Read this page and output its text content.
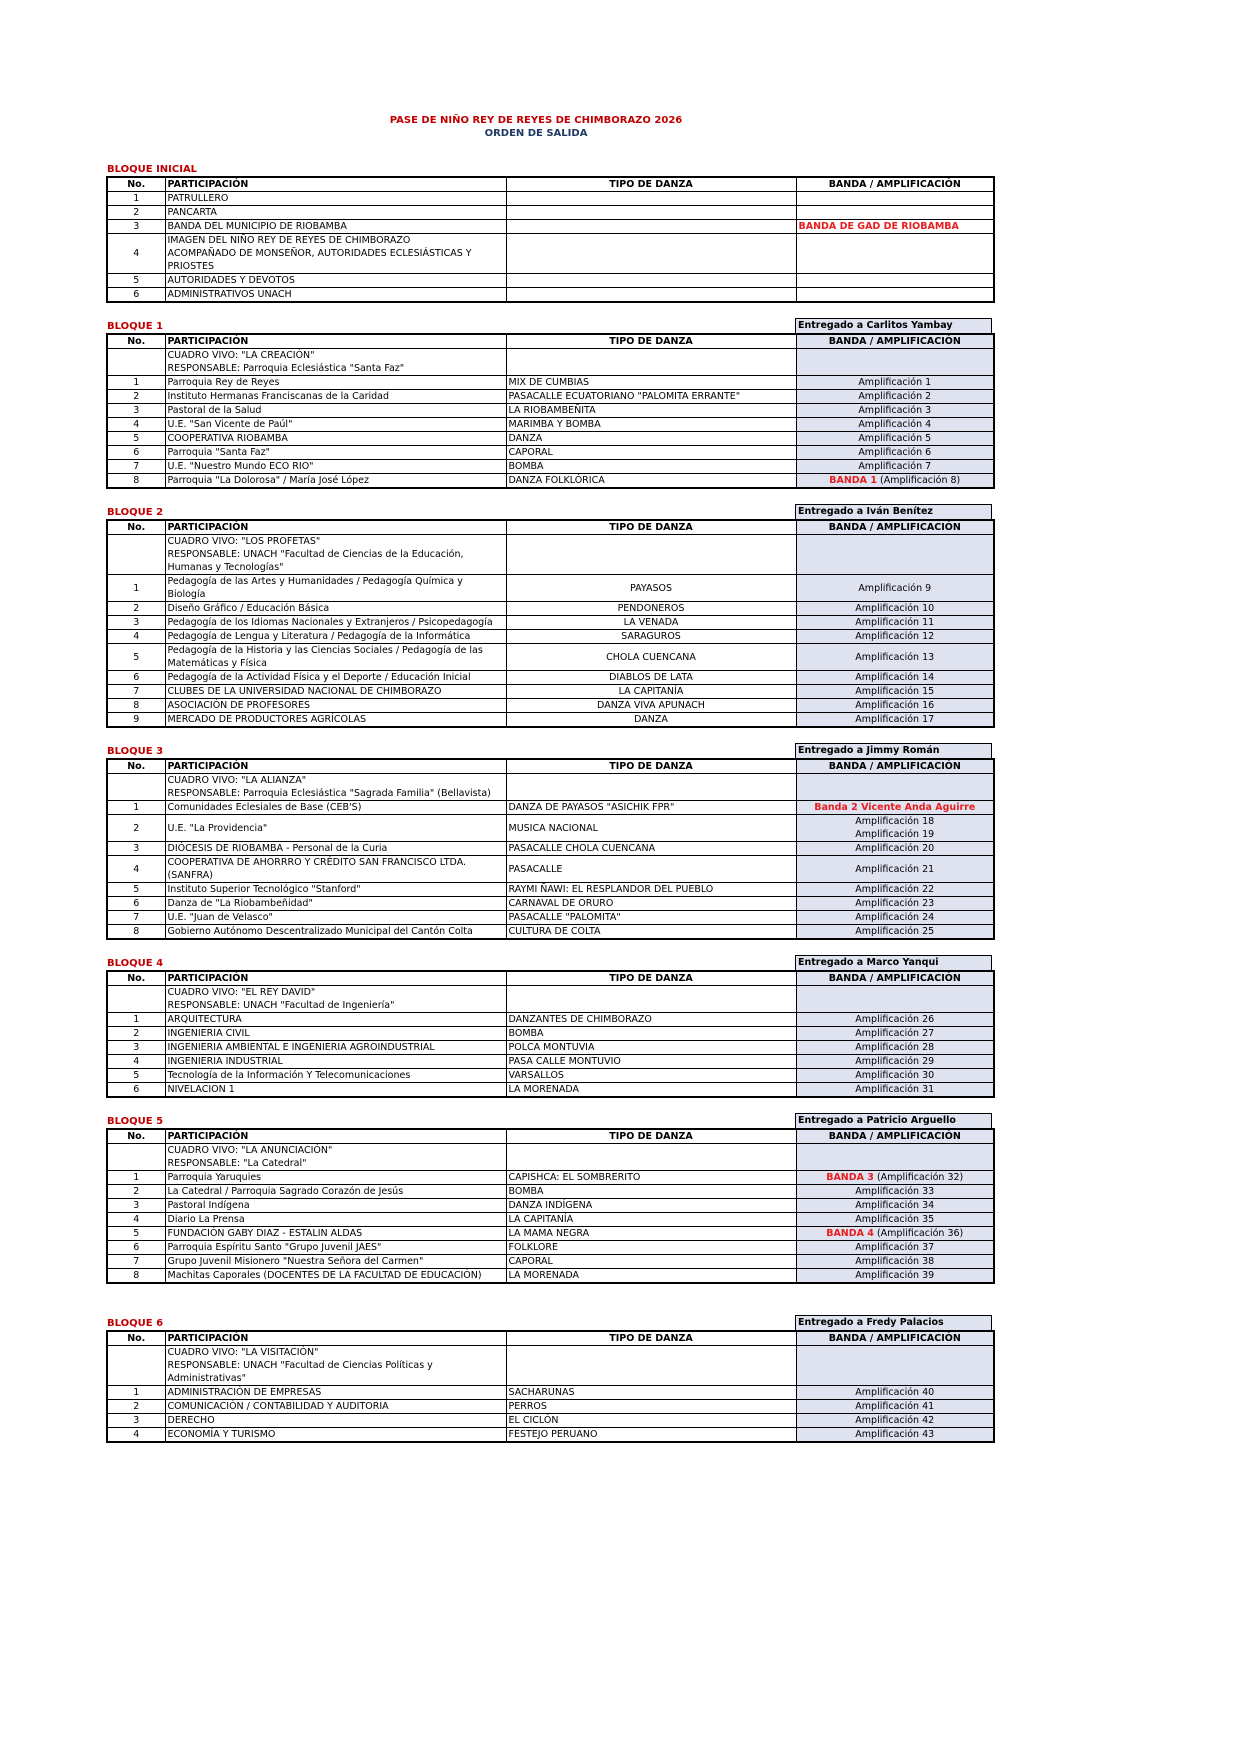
PASE DE NIÑO REY DE REYES DE CHIMBORAZO 2026
ORDEN DE SALIDA
BLOQUE INICIAL
No.	PARTICIPACIÓN	TIPO DE DANZA	BANDA / AMPLIFICACIÓN
1	PATRULLERO		
2	PANCARTA		
3	BANDA DEL MUNICIPIO DE RIOBAMBA		BANDA DE GAD DE RIOBAMBA
4	IMAGEN DEL NIÑO REY DE REYES DE CHIMBORAZO
ACOMPAÑADO DE MONSEÑOR, AUTORIDADES ECLESIÁSTICAS Y PRIOSTES		
5	AUTORIDADES Y DEVOTOS		
6	ADMINISTRATIVOS UNACH		
BLOQUE 1	Entregado a Carlitos Yambay
No.	PARTICIPACIÓN	TIPO DE DANZA	BANDA / AMPLIFICACIÓN
	CUADRO VIVO: "LA CREACIÓN"
RESPONSABLE: Parroquia Eclesiástica "Santa Faz"		
1	Parroquia Rey de Reyes	MIX DE CUMBIAS	Amplificación 1
2	Instituto Hermanas Franciscanas de la Caridad	PASACALLE ECUATORIANO "PALOMITA ERRANTE"	Amplificación 2
3	Pastoral de la Salud	LA RIOBAMBEÑITA	Amplificación 3
4	U.E. "San Vicente de Paúl"	MARIMBA Y BOMBA	Amplificación 4
5	COOPERATIVA RIOBAMBA	DANZA	Amplificación 5
6	Parroquia "Santa Faz"	CAPORAL	Amplificación 6
7	U.E. "Nuestro Mundo ECO RIO"	BOMBA	Amplificación 7
8	Parroquia "La Dolorosa" / María José López	DANZA FOLKLÓRICA	BANDA 1 (Amplificación 8)
BLOQUE 2	Entregado a Iván Benítez
No.	PARTICIPACIÓN	TIPO DE DANZA	BANDA / AMPLIFICACIÓN
	CUADRO VIVO: "LOS PROFETAS"
RESPONSABLE: UNACH "Facultad de Ciencias de la Educación, Humanas y Tecnologías"		
1	Pedagogía de las Artes y Humanidades / Pedagogía Química y Biología	PAYASOS	Amplificación 9
2	Diseño Gráfico / Educación Básica	PENDONEROS	Amplificación 10
3	Pedagogía de los Idiomas Nacionales y Extranjeros / Psicopedagogía	LA VENADA	Amplificación 11
4	Pedagogía de Lengua y Literatura / Pedagogía de la Informática	SARAGUROS	Amplificación 12
5	Pedagogía de la Historia y las Ciencias Sociales / Pedagogía de las Matemáticas y Física	CHOLA CUENCANA	Amplificación 13
6	Pedagogía de la Actividad Física y el Deporte / Educación Inicial	DIABLOS DE LATA	Amplificación 14
7	CLUBES DE LA UNIVERSIDAD NACIONAL DE CHIMBORAZO	LA CAPITANÍA	Amplificación 15
8	ASOCIACIÓN DE PROFESORES	DANZA VIVA APUNACH	Amplificación 16
9	MERCADO DE PRODUCTORES AGRÍCOLAS	DANZA	Amplificación 17
BLOQUE 3	Entregado a Jimmy Román
No.	PARTICIPACIÓN	TIPO DE DANZA	BANDA / AMPLIFICACIÓN
	CUADRO VIVO: "LA ALIANZA"
RESPONSABLE: Parroquia Eclesiástica "Sagrada Familia" (Bellavista)		
1	Comunidades Eclesiales de Base (CEB'S)	DANZA DE PAYASOS "ASICHIK FPR"	Banda 2 Vicente Anda Aguirre
2	U.E. "La Providencia"	MUSICA NACIONAL	Amplificación 18
Amplificación 19
3	DIÓCESIS DE RIOBAMBA - Personal de la Curia	PASACALLE CHOLA CUENCANA	Amplificación 20
4	COOPERATIVA DE AHORRRO Y CRÉDITO SAN FRANCISCO LTDA. (SANFRA)	PASACALLE	Amplificación 21
5	Instituto Superior Tecnológico "Stanford"	RAYMI ÑAWI: EL RESPLANDOR DEL PUEBLO	Amplificación 22
6	Danza de "La Riobambeñidad"	CARNAVAL DE ORURO	Amplificación 23
7	U.E. "Juan de Velasco"	PASACALLE "PALOMITA"	Amplificación 24
8	Gobierno Autónomo Descentralizado Municipal del Cantón Colta	CULTURA DE COLTA	Amplificación 25
BLOQUE 4	Entregado a Marco Yanqui
No.	PARTICIPACIÓN	TIPO DE DANZA	BANDA / AMPLIFICACIÓN
	CUADRO VIVO: "EL REY DAVID"
RESPONSABLE: UNACH "Facultad de Ingeniería"		
1	ARQUITECTURA	DANZANTES DE CHIMBORAZO	Amplificación 26
2	INGENIERIA CIVIL	BOMBA	Amplificación 27
3	INGENIERIA AMBIENTAL E INGENIERIA AGROINDUSTRIAL	POLCA MONTUVIA	Amplificación 28
4	INGENIERIA INDUSTRIAL	PASA CALLE MONTUVIO	Amplificación 29
5	Tecnología de la Información Y Telecomunicaciones	VARSALLOS	Amplificación 30
6	NIVELACION 1	LA MORENADA	Amplificación 31
BLOQUE 5	Entregado a Patricio Arguello
No.	PARTICIPACIÓN	TIPO DE DANZA	BANDA / AMPLIFICACIÓN
	CUADRO VIVO: "LA ANUNCIACIÓN"
RESPONSABLE: "La Catedral"		
1	Parroquia Yaruquies	CAPISHCA: EL SOMBRERITO	BANDA 3 (Amplificación 32)
2	La Catedral / Parroquia Sagrado Corazón de Jesús	BOMBA	Amplificación 33
3	Pastoral Indígena	DANZA INDÍGENA	Amplificación 34
4	Diario La Prensa	LA CAPITANÍA	Amplificación 35
5	FUNDACIÓN GABY DIAZ - ESTALIN ALDAS	LA MAMA NEGRA	BANDA 4 (Amplificación 36)
6	Parroquia Espíritu Santo "Grupo Juvenil JAES"	FOLKLORE	Amplificación 37
7	Grupo Juvenil Misionero "Nuestra Señora del Carmen"	CAPORAL	Amplificación 38
8	Machitas Caporales (DOCENTES DE LA FACULTAD DE EDUCACIÓN)	LA MORENADA	Amplificación 39
BLOQUE 6	Entregado a Fredy Palacios
No.	PARTICIPACIÓN	TIPO DE DANZA	BANDA / AMPLIFICACIÓN
	CUADRO VIVO: "LA VISITACIÓN"
RESPONSABLE: UNACH "Facultad de Ciencias Políticas y Administrativas"		
1	ADMINISTRACIÓN DE EMPRESAS	SACHARUNAS	Amplificación 40
2	COMUNICACIÓN / CONTABILIDAD Y AUDITORIA	PERROS	Amplificación 41
3	DERECHO	EL CICLÓN	Amplificación 42
4	ECONOMÍA Y TURISMO	FESTEJO PERUANO	Amplificación 43
